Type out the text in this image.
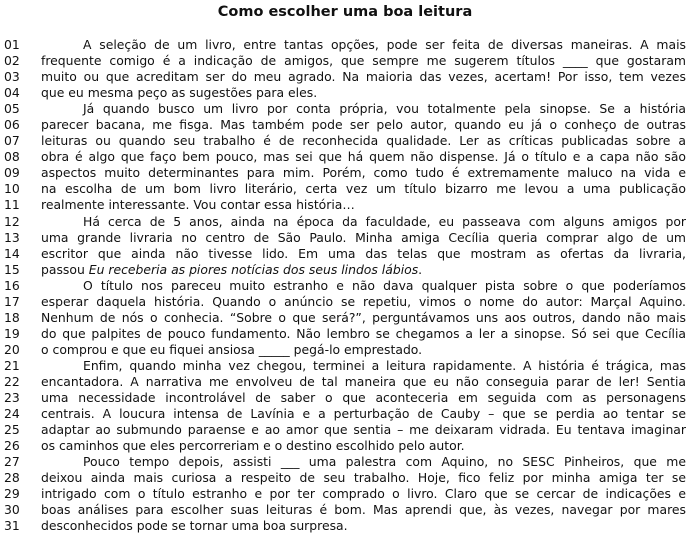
Como escolher uma boa leitura
01	A seleção de um livro, entre tantas opções, pode ser feita de diversas maneiras. A mais
02	frequente comigo é a indicação de amigos, que sempre me sugerem títulos ____ que gostaram
03	muito ou que acreditam ser do meu agrado. Na maioria das vezes, acertam! Por isso, tem vezes
04	que eu mesma peço as sugestões para eles.
05	Já quando busco um livro por conta própria, vou totalmente pela sinopse. Se a história
06	parecer bacana, me fisga. Mas também pode ser pelo autor, quando eu já o conheço de outras
07	leituras ou quando seu trabalho é de reconhecida qualidade. Ler as críticas publicadas sobre a
08	obra é algo que faço bem pouco, mas sei que há quem não dispense. Já o título e a capa não são
09	aspectos muito determinantes para mim. Porém, como tudo é extremamente maluco na vida e
10	na escolha de um bom livro literário, certa vez um título bizarro me levou a uma publicação
11	realmente interessante. Vou contar essa história…
12	Há cerca de 5 anos, ainda na época da faculdade, eu passeava com alguns amigos por
13	uma grande livraria no centro de São Paulo. Minha amiga Cecília queria comprar algo de um
14	escritor que ainda não tivesse lido. Em uma das telas que mostram as ofertas da livraria,
15	passou Eu receberia as piores notícias dos seus lindos lábios.
16	O título nos pareceu muito estranho e não dava qualquer pista sobre o que poderíamos
17	esperar daquela história. Quando o anúncio se repetiu, vimos o nome do autor: Marçal Aquino.
18	Nenhum de nós o conhecia. “Sobre o que será?”, perguntávamos uns aos outros, dando não mais
19	do que palpites de pouco fundamento. Não lembro se chegamos a ler a sinopse. Só sei que Cecília
20	o comprou e que eu fiquei ansiosa _____ pegá-lo emprestado.
21	Enfim, quando minha vez chegou, terminei a leitura rapidamente. A história é trágica, mas
22	encantadora. A narrativa me envolveu de tal maneira que eu não conseguia parar de ler! Sentia
23	uma necessidade incontrolável de saber o que aconteceria em seguida com as personagens
24	centrais. A loucura intensa de Lavínia e a perturbação de Cauby – que se perdia ao tentar se
25	adaptar ao submundo paraense e ao amor que sentia – me deixaram vidrada. Eu tentava imaginar
26	os caminhos que eles percorreriam e o destino escolhido pelo autor.
27	Pouco tempo depois, assisti ___ uma palestra com Aquino, no SESC Pinheiros, que me
28	deixou ainda mais curiosa a respeito de seu trabalho. Hoje, fico feliz por minha amiga ter se
29	intrigado com o título estranho e por ter comprado o livro. Claro que se cercar de indicações e
30	boas análises para escolher suas leituras é bom. Mas aprendi que, às vezes, navegar por mares
31	desconhecidos pode se tornar uma boa surpresa.
